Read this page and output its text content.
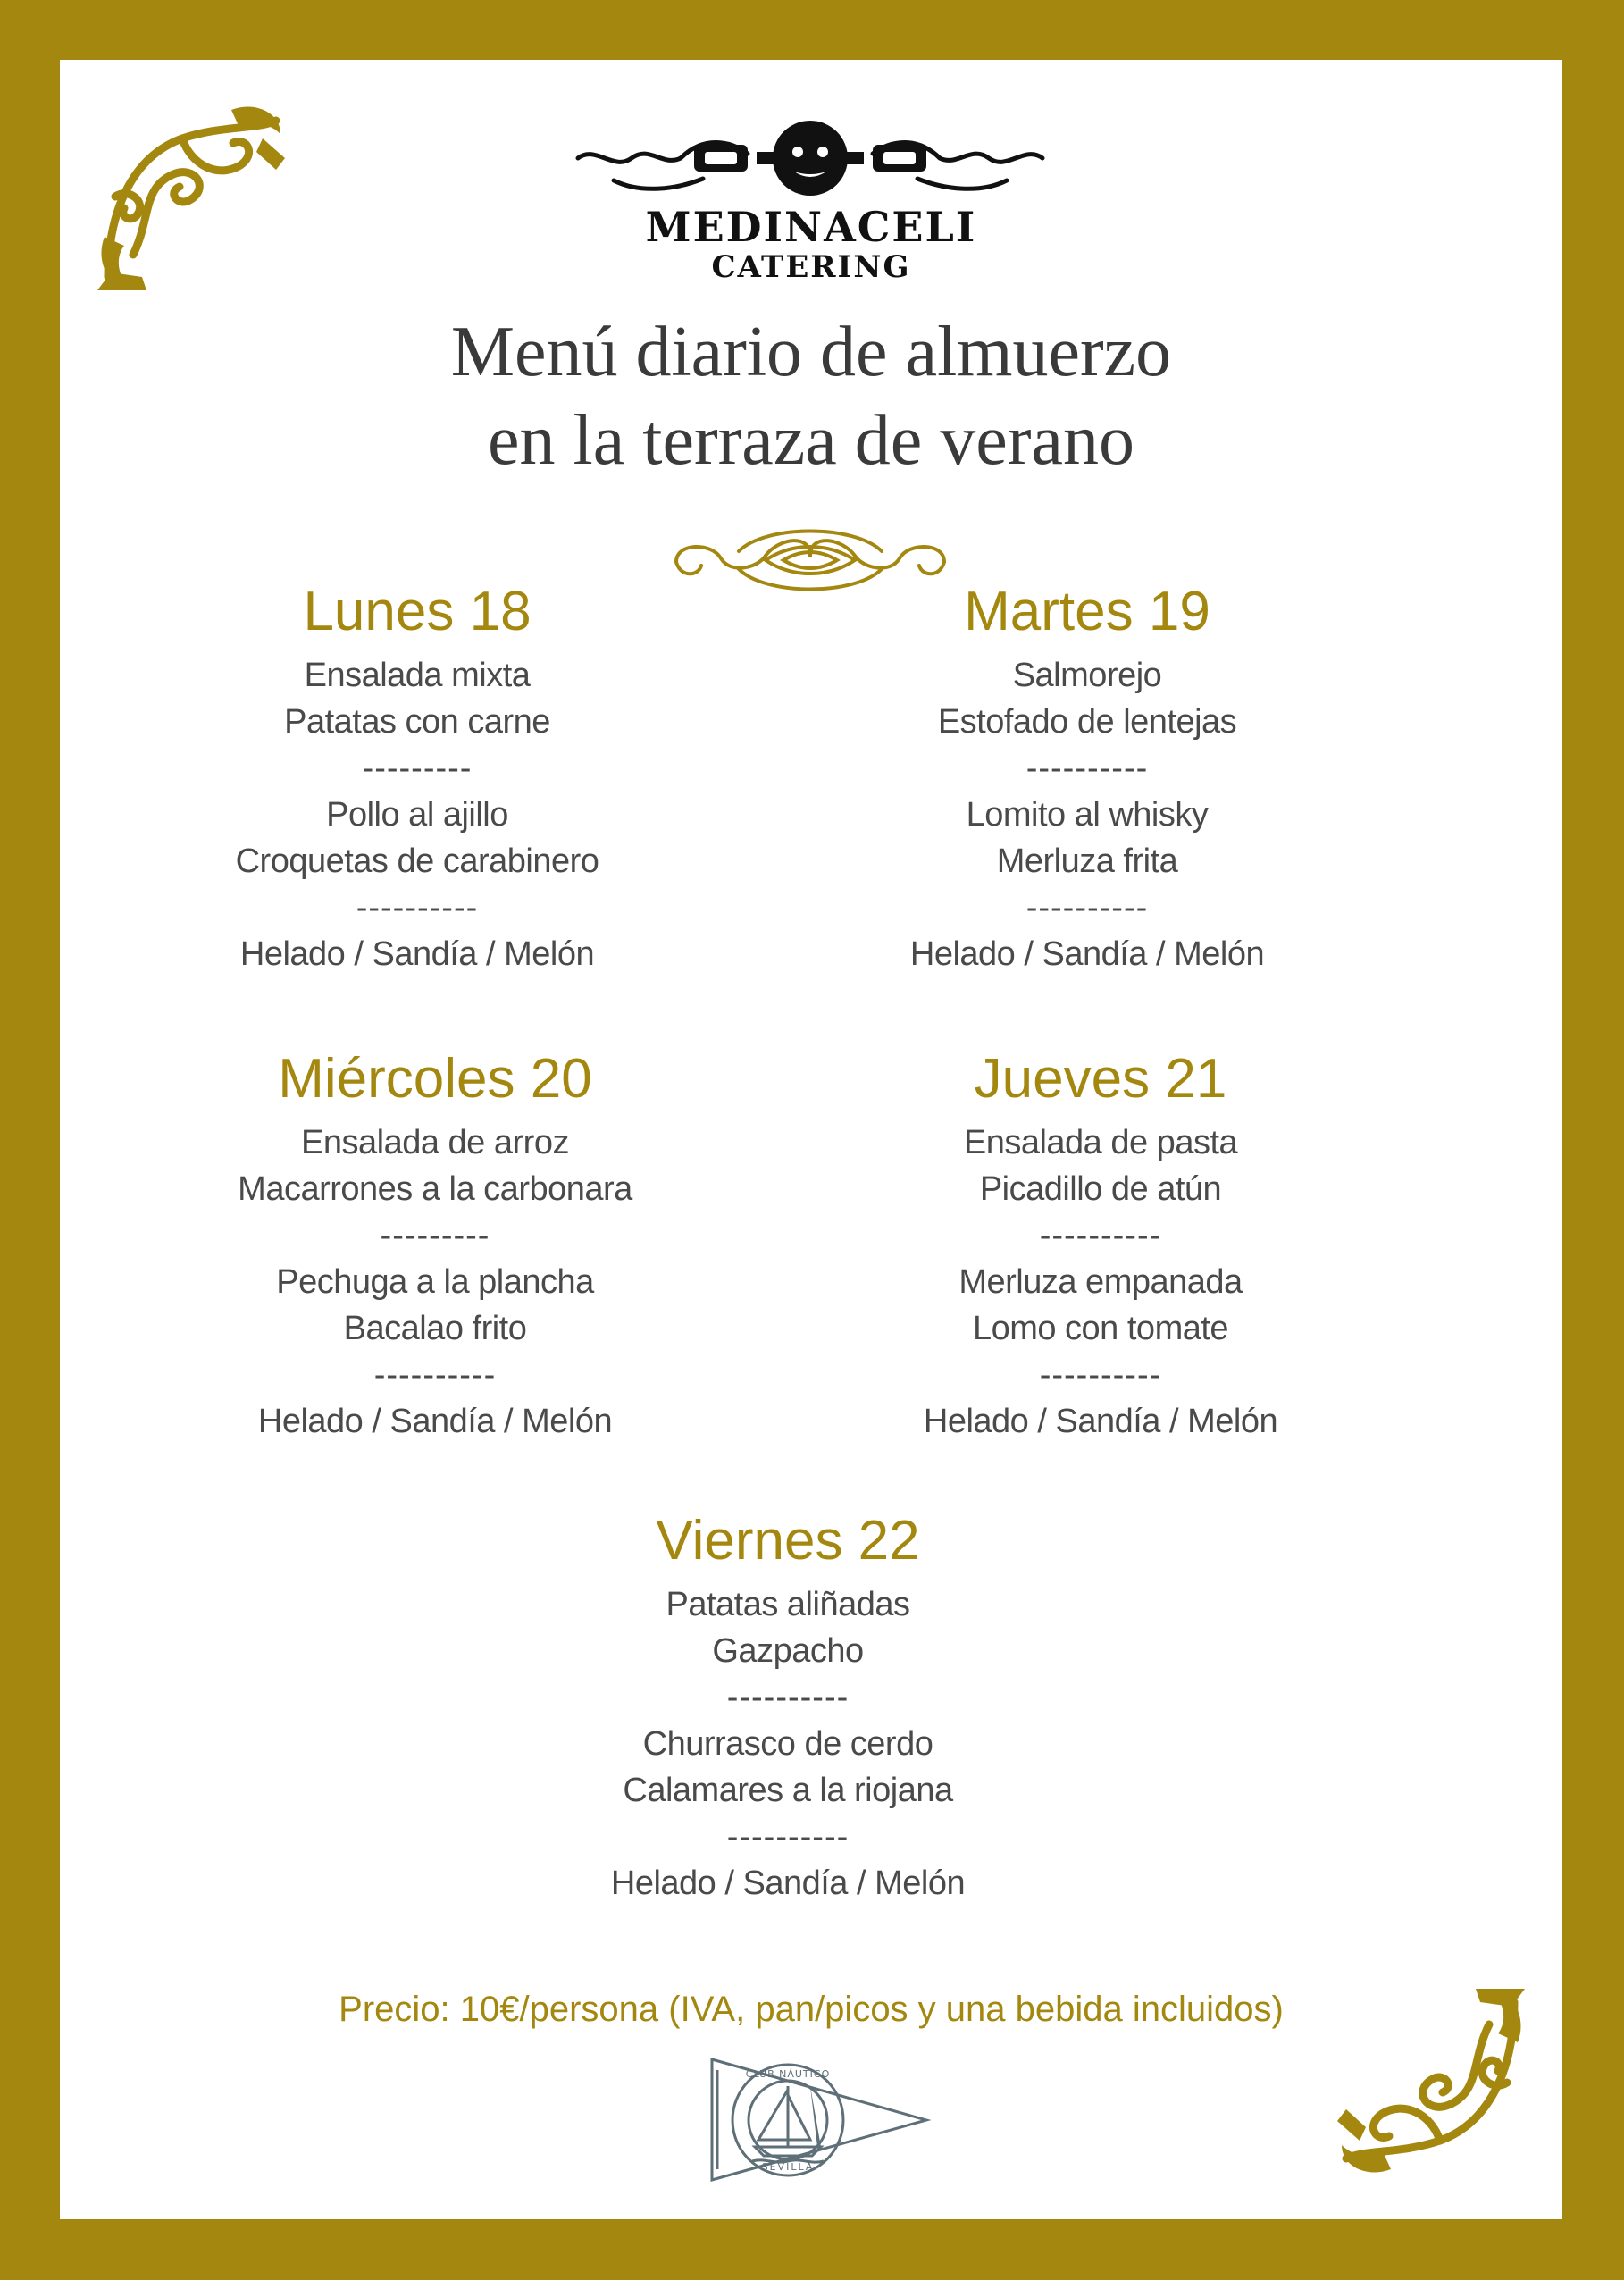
MEDINACELI
CATERING
Menú diario de almuerzo
en la terraza de verano
Lunes 18
Ensalada mixta
Patatas con carne
---------
Pollo al ajillo
Croquetas de carabinero
----------
Helado / Sandía / Melón
Martes 19
Salmorejo
Estofado de lentejas
----------
Lomito al whisky
Merluza frita
----------
Helado / Sandía / Melón
Miércoles 20
Ensalada de arroz
Macarrones a la carbonara
---------
Pechuga a la plancha
Bacalao frito
----------
Helado / Sandía / Melón
Jueves 21
Ensalada de pasta
Picadillo de atún
----------
Merluza empanada
Lomo con tomate
----------
Helado / Sandía / Melón
Viernes 22
Patatas aliñadas
Gazpacho
----------
Churrasco de cerdo
Calamares a la riojana
----------
Helado / Sandía / Melón
Precio: 10€/persona (IVA, pan/picos y una bebida incluidos)
CLUB NÁUTICO
SEVILLA
